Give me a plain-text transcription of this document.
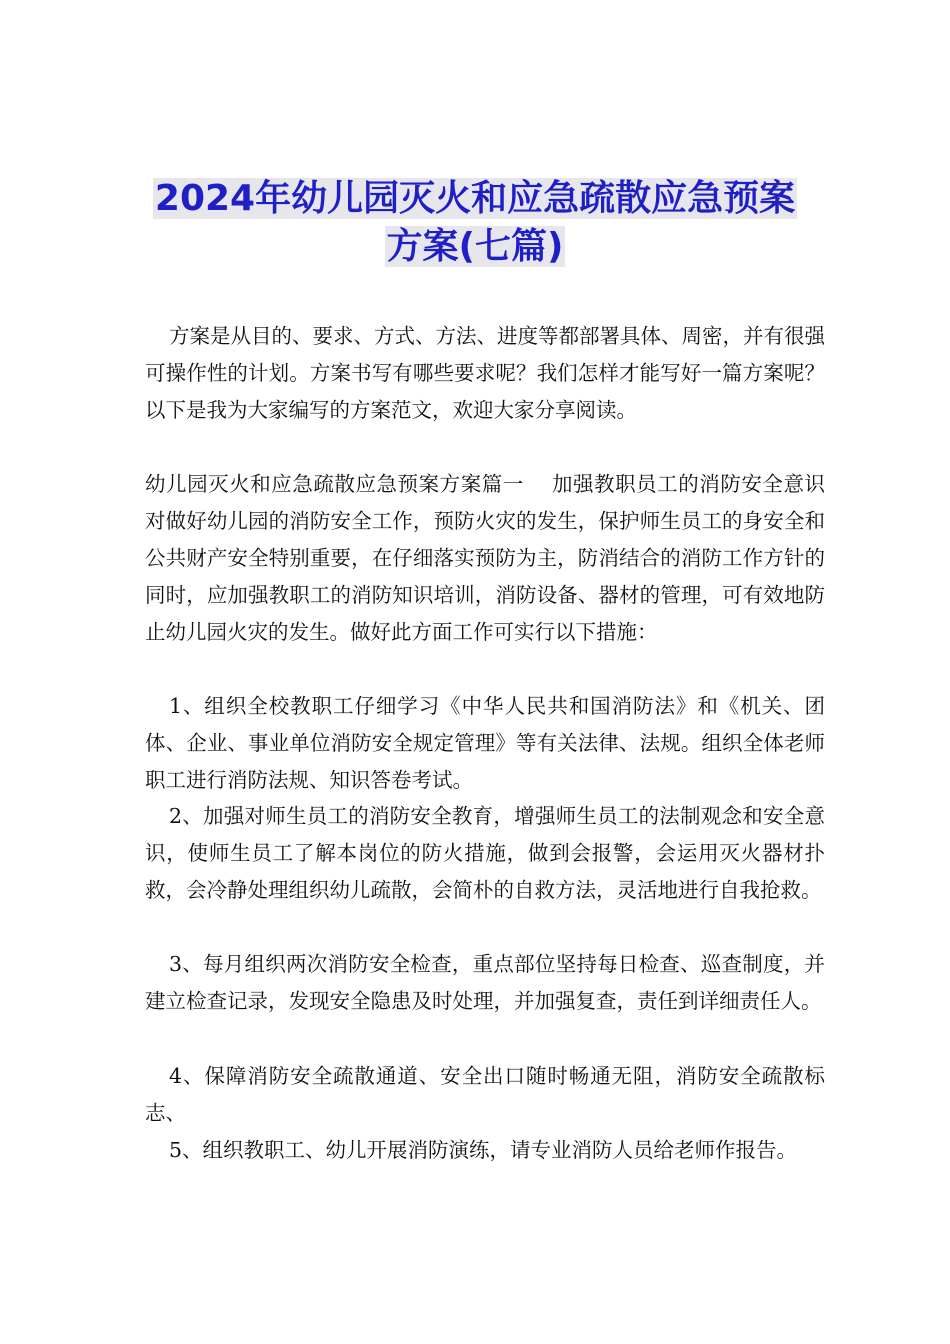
2024年幼儿园灭火和应急疏散应急预案
方案(七篇)
方案是从目的、要求、方式、方法、进度等都部署具体、周密，并有很强可操作性的计划。方案书写有哪些要求呢？我们怎样才能写好一篇方案呢？以下是我为大家编写的方案范文，欢迎大家分享阅读。
幼儿园灭火和应急疏散应急预案方案篇一　 加强教职员工的消防安全意识对做好幼儿园的消防安全工作，预防火灾的发生，保护师生员工的身安全和公共财产安全特别重要，在仔细落实预防为主，防消结合的消防工作方针的同时，应加强教职工的消防知识培训，消防设备、器材的管理，可有效地防止幼儿园火灾的发生。做好此方面工作可实行以下措施：
1、组织全校教职工仔细学习《中华人民共和国消防法》和《机关、团体、企业、事业单位消防安全规定管理》等有关法律、法规。组织全体老师职工进行消防法规、知识答卷考试。
2、加强对师生员工的消防安全教育，增强师生员工的法制观念和安全意识，使师生员工了解本岗位的防火措施，做到会报警，会运用灭火器材扑救，会冷静处理组织幼儿疏散，会简朴的自救方法，灵活地进行自我抢救。
3、每月组织两次消防安全检查，重点部位坚持每日检查、巡查制度，并建立检查记录，发现安全隐患及时处理，并加强复查，责任到详细责任人。
4、保障消防安全疏散通道、安全出口随时畅通无阻，消防安全疏散标志、
5、组织教职工、幼儿开展消防演练，请专业消防人员给老师作报告。
